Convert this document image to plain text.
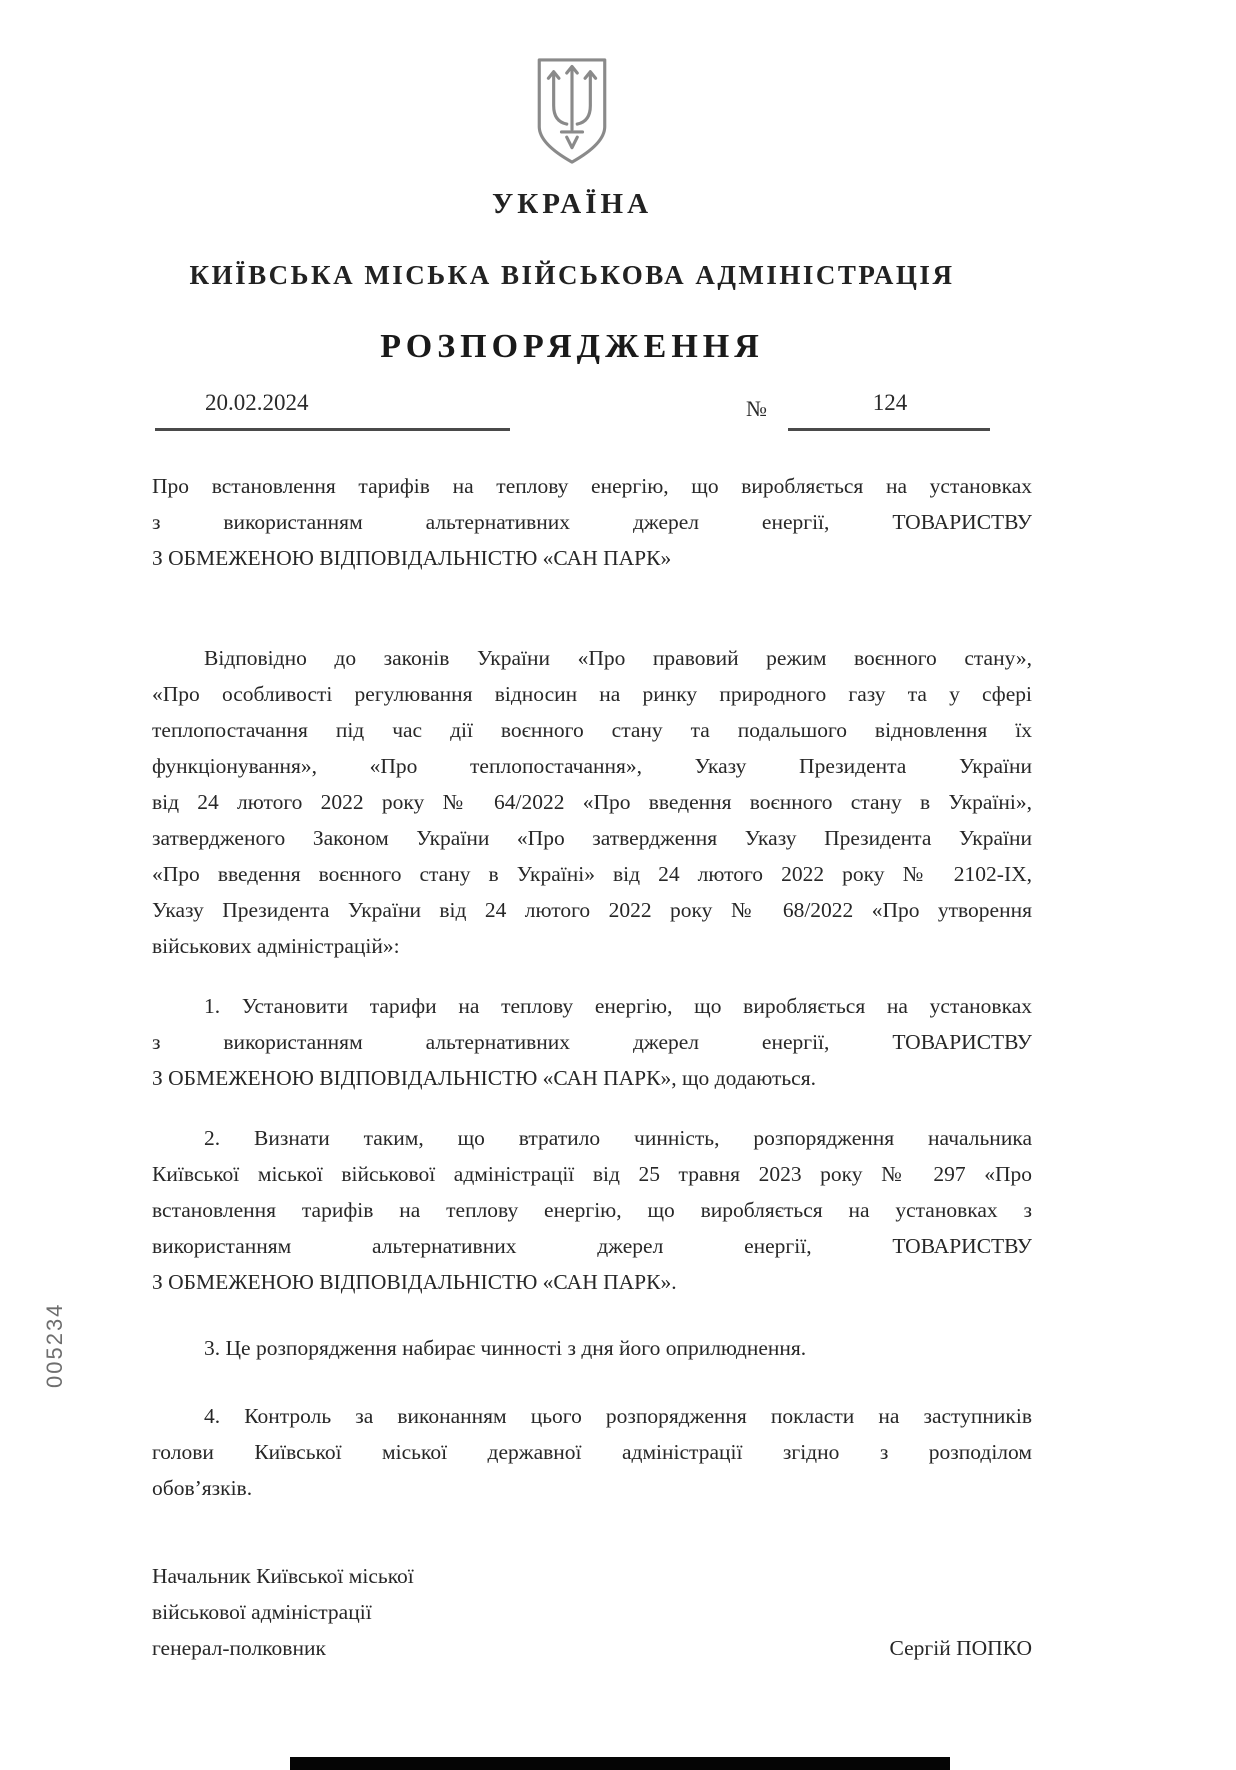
УКРАЇНА
КИЇВСЬКА МІСЬКА ВІЙСЬКОВА АДМІНІСТРАЦІЯ
РОЗПОРЯДЖЕННЯ
20.02.2024	№	124
Про встановлення тарифів на теплову енергію, що виробляється на установках
з використанням альтернативних джерел енергії, ТОВАРИСТВУ
З ОБМЕЖЕНОЮ ВІДПОВІДАЛЬНІСТЮ «САН ПАРК»
Відповідно до законів України «Про правовий режим воєнного стану»,
«Про особливості регулювання відносин на ринку природного газу та у сфері
теплопостачання під час дії воєнного стану та подальшого відновлення їх
функціонування», «Про теплопостачання», Указу Президента України
від 24 лютого 2022 року № 64/2022 «Про введення воєнного стану в Україні»,
затвердженого Законом України «Про затвердження Указу Президента України
«Про введення воєнного стану в Україні» від 24 лютого 2022 року № 2102-IX,
Указу Президента України від 24 лютого 2022 року № 68/2022 «Про утворення
військових адміністрацій»:
1. Установити тарифи на теплову енергію, що виробляється на установках
з використанням альтернативних джерел енергії, ТОВАРИСТВУ
З ОБМЕЖЕНОЮ ВІДПОВІДАЛЬНІСТЮ «САН ПАРК», що додаються.
2. Визнати таким, що втратило чинність, розпорядження начальника
Київської міської військової адміністрації від 25 травня 2023 року № 297 «Про
встановлення тарифів на теплову енергію, що виробляється на установках з
використанням альтернативних джерел енергії, ТОВАРИСТВУ
З ОБМЕЖЕНОЮ ВІДПОВІДАЛЬНІСТЮ «САН ПАРК».
3. Це розпорядження набирає чинності з дня його оприлюднення.
4. Контроль за виконанням цього розпорядження покласти на заступників
голови Київської міської державної адміністрації згідно з розподілом
обов’язків.
Начальник Київської міської
військової адміністрації
генерал-полковник	Сергій ПОПКО
005234
